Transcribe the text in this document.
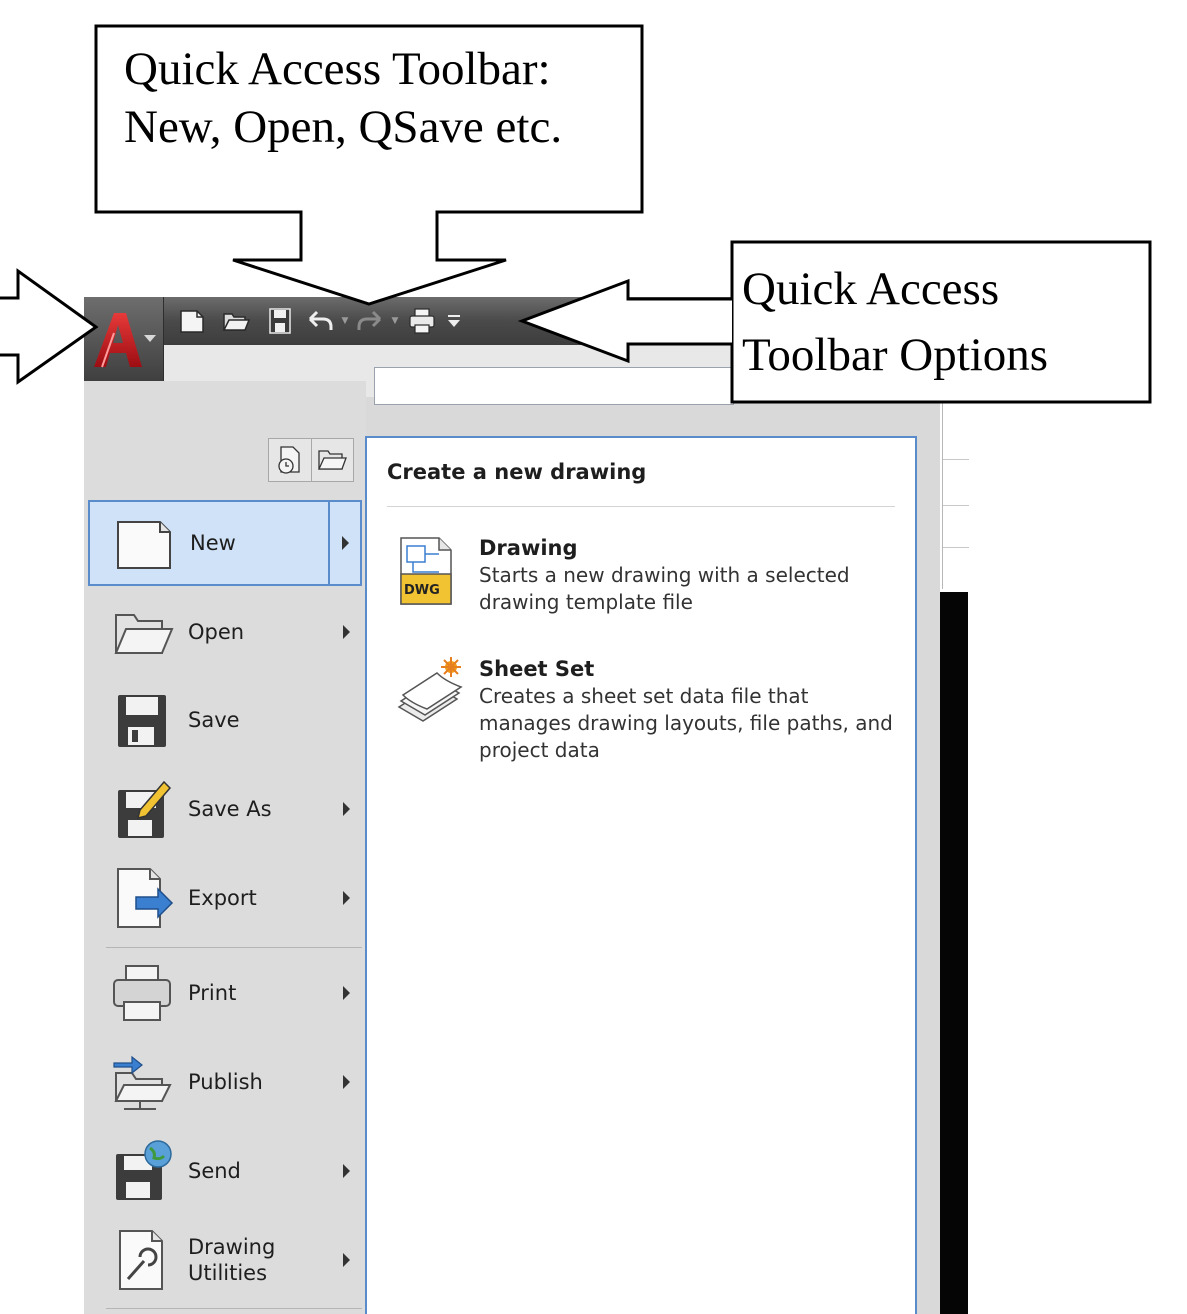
▼	▼
New
Open
Save
Save As
Export
Print
Publish
Send
Drawing
Utilities
Create a new drawing
DWG
Drawing
Starts a new drawing with a selected drawing template file
Sheet Set
Creates a sheet set data file that manages drawing layouts, file paths, and project data
Quick Access Toolbar:
New, Open, QSave etc.
Quick Access
Toolbar Options
